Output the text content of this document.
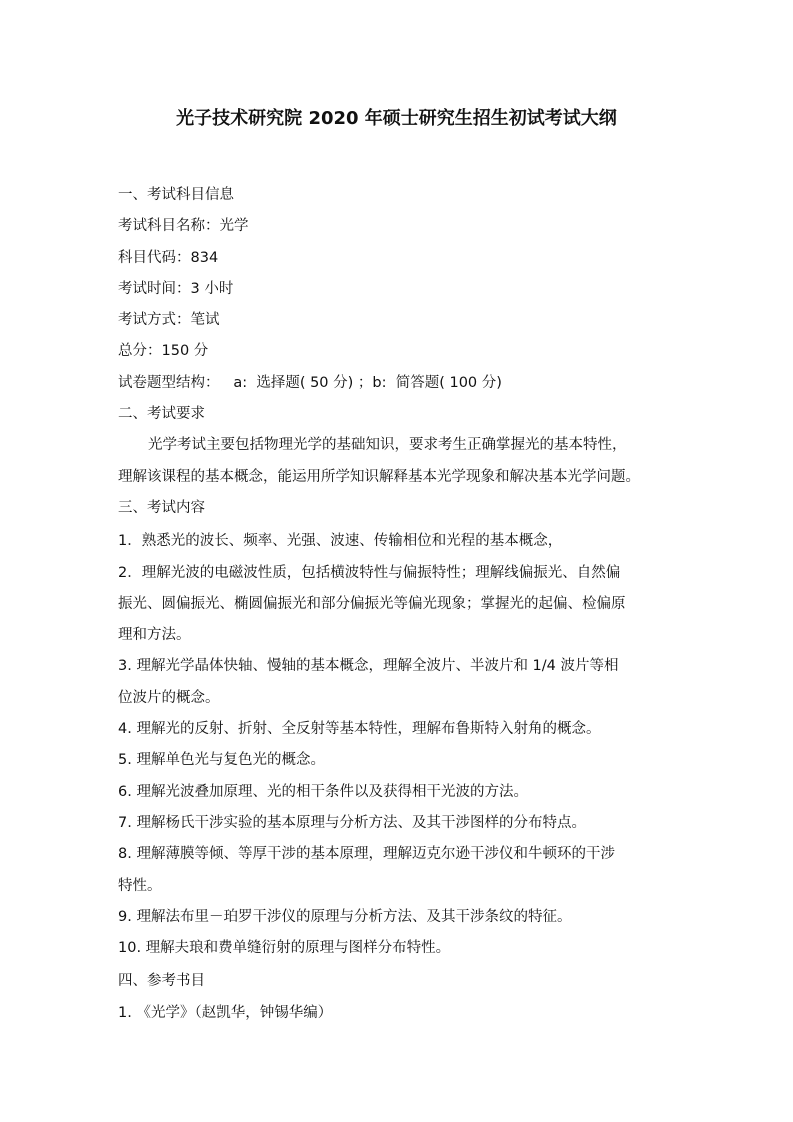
光子技术研究院 2020 年硕士研究生招生初试考试大纲
一、考试科目信息
考试科目名称：光学
科目代码：834
考试时间：3 小时
考试方式：笔试
总分：150 分
试卷题型结构：   a:  选择题( 50 分) ；b:  简答题( 100 分)
二、考试要求
光学考试主要包括物理光学的基础知识，要求考生正确掌握光的基本特性，
理解该课程的基本概念，能运用所学知识解释基本光学现象和解决基本光学问题。
三、考试内容
1．熟悉光的波长、频率、光强、波速、传输相位和光程的基本概念，
2．理解光波的电磁波性质，包括横波特性与偏振特性；理解线偏振光、自然偏
振光、圆偏振光、椭圆偏振光和部分偏振光等偏光现象；掌握光的起偏、检偏原
理和方法。
3. 理解光学晶体快轴、慢轴的基本概念，理解全波片、半波片和 1/4 波片等相
位波片的概念。
4. 理解光的反射、折射、全反射等基本特性，理解布鲁斯特入射角的概念。
5. 理解单色光与复色光的概念。
6. 理解光波叠加原理、光的相干条件以及获得相干光波的方法。
7. 理解杨氏干涉实验的基本原理与分析方法、及其干涉图样的分布特点。
8. 理解薄膜等倾、等厚干涉的基本原理，理解迈克尔逊干涉仪和牛顿环的干涉
特性。
9. 理解法布里－珀罗干涉仪的原理与分析方法、及其干涉条纹的特征。
10. 理解夫琅和费单缝衍射的原理与图样分布特性。
四、参考书目
1. 《光学》（赵凯华，钟锡华编）
